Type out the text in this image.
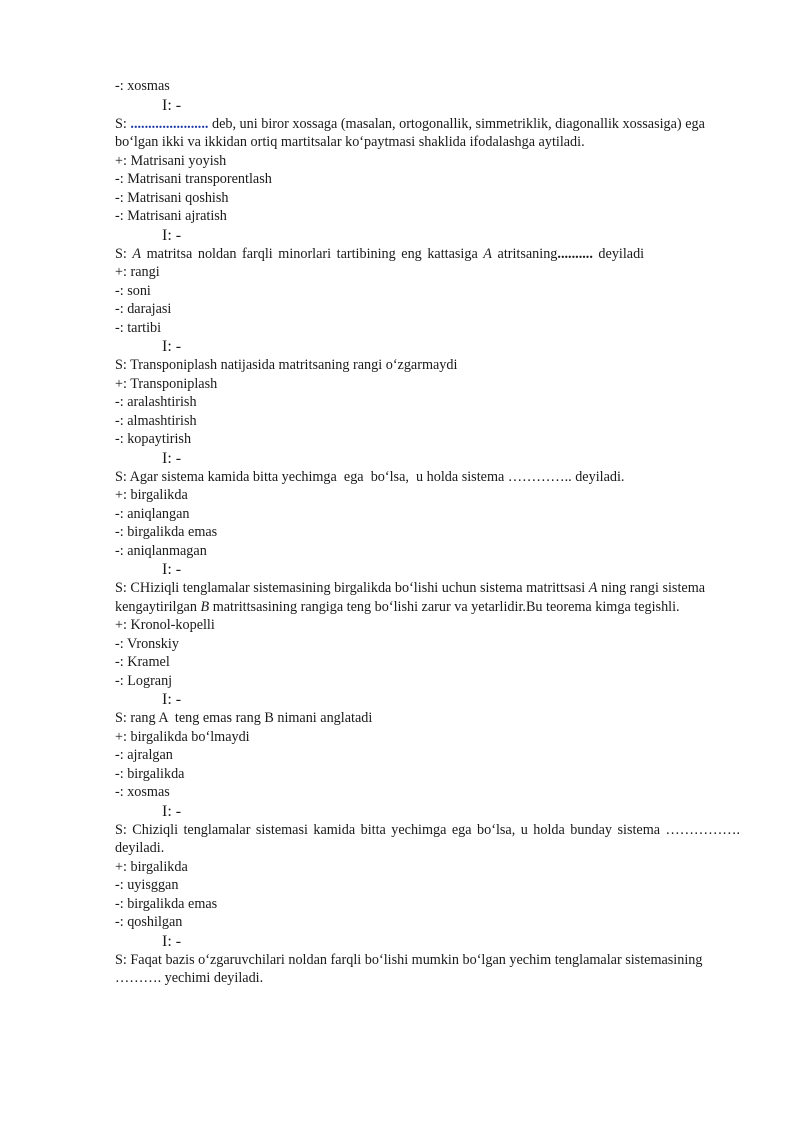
-: xosmas
I: -
S: ...................... deb, uni biror xossaga (masalan, ortogonallik, simmetriklik, diagonallik xossasiga) ega bo‘lgan ikki va ikkidan ortiq martitsalar ko‘paytmasi shaklida ifodalashga aytiladi.
+: Matrisani yoyish
-: Matrisani transporentlash
-: Matrisani qoshish
-: Matrisani ajratish
I: -
S: A matritsa noldan farqli minorlari tartibining eng kattasiga A atritsaning.......... deyiladi
+: rangi
-: soni
-: darajasi
-: tartibi
I: -
S: Transponiplash natijasida matritsaning rangi o‘zgarmaydi
+: Transponiplash
-: aralashtirish
-: almashtirish
-: kopaytirish
I: -
S: Agar sistema kamida bitta yechimga  ega  bo‘lsa,  u holda sistema ………….. deyiladi.
+: birgalikda
-: aniqlangan
-: birgalikda emas
-: aniqlanmagan
I: -
S: CHiziqli tenglamalar sistemasining birgalikda bo‘lishi uchun sistema matrittsasi A ning rangi sistema kengaytirilgan B matrittsasining rangiga teng bo‘lishi zarur va yetarlidir.Bu teorema kimga tegishli.
+: Kronol-kopelli
-: Vronskiy
-: Kramel
-: Logranj
I: -
S: rang A  teng emas rang B nimani anglatadi
+: birgalikda bo‘lmaydi
-: ajralgan
-: birgalikda
-: xosmas
I: -
S: Chiziqli tenglamalar sistemasi kamida bitta yechimga ega bo‘lsa, u holda bunday sistema ……………. deyiladi.
+: birgalikda
-: uyisggan
-: birgalikda emas
-: qoshilgan
I: -
S: Faqat bazis o‘zgaruvchilari noldan farqli bo‘lishi mumkin bo‘lgan yechim tenglamalar sistemasining ………. yechimi deyiladi.
